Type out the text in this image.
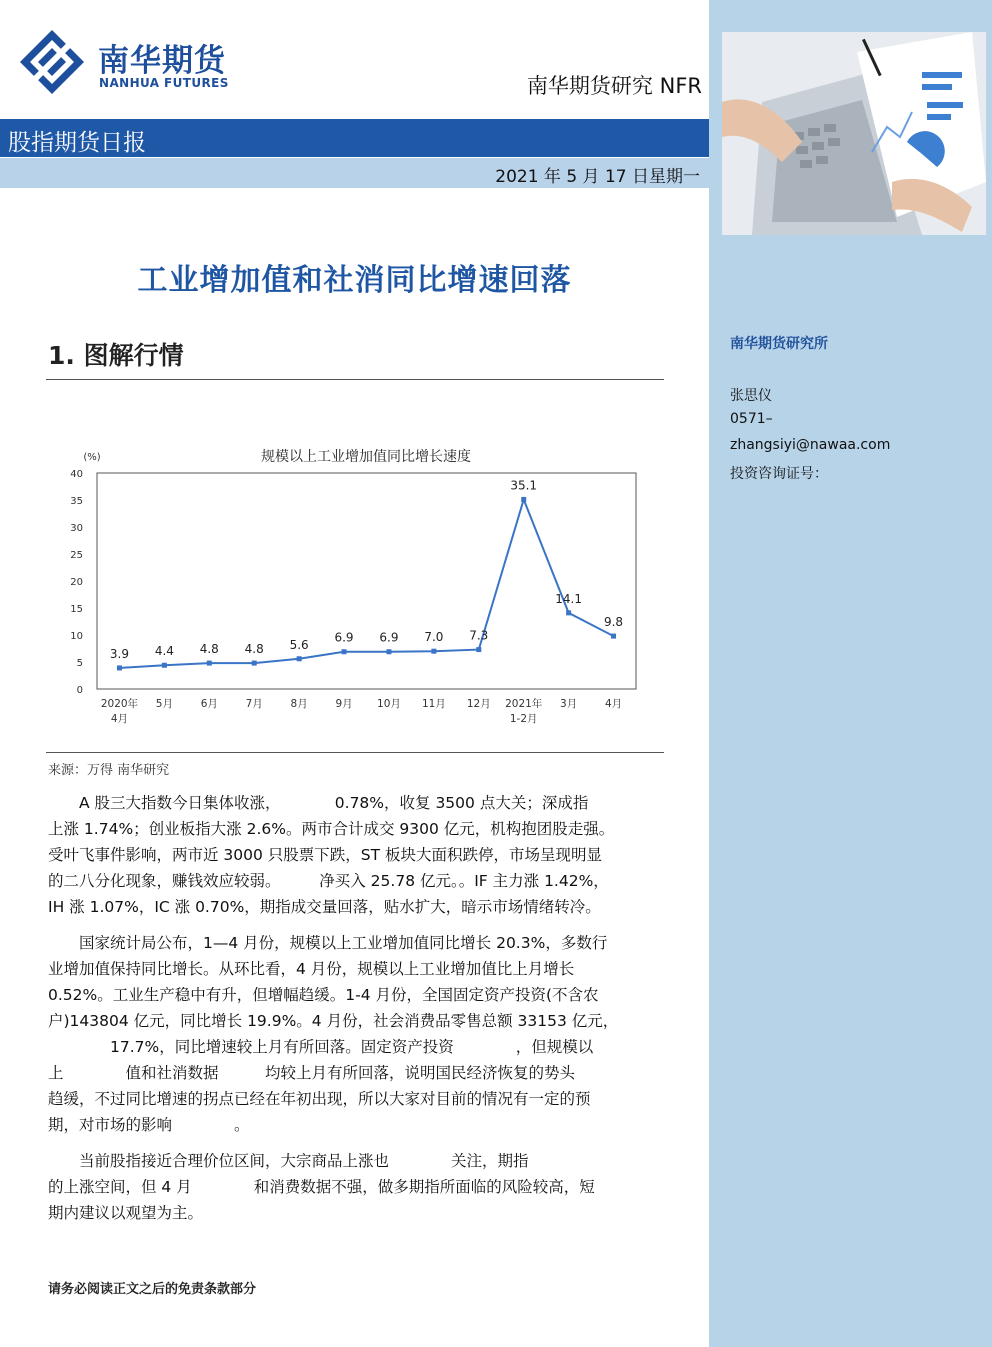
南华期货研究所
张思仪
0571–
zhangsiyi@nawaa.com
投资咨询证号：
南华期货
NANHUA FUTURES	南华期货研究 NFR
股指期货日报
2021 年 5 月 17 日星期一
工业增加值和社消同比增速回落
1. 图解行情
规模以上工业增加值同比增长速度
(%)
0
5
10
15
20
25
30
35
40
2020年 4月
5月	6月	7月	8月	9月 10月 11月 12月 2021年 1-2月
3月	4月
3.9 4.4 4.8 4.8 5.6
6.9 6.9 7.0 7.3
35.1
14.1
9.8
来源：万得 南华研究
　　A 股三大指数今日集体收涨，　　　　0.78%，收复 3500 点大关；深成指
上涨 1.74%；创业板指大涨 2.6%。两市合计成交 9300 亿元，机构抱团股走强。
受叶飞事件影响，两市近 3000 只股票下跌，ST 板块大面积跌停，市场呈现明显
的二八分化现象，赚钱效应较弱。　　　净买入 25.78 亿元。。IF 主力涨 1.42%，
IH 涨 1.07%，IC 涨 0.70%，期指成交量回落，贴水扩大，暗示市场情绪转冷。
　　国家统计局公布，1—4 月份，规模以上工业增加值同比增长 20.3%，多数行
业增加值保持同比增长。从环比看，4 月份，规模以上工业增加值比上月增长
0.52%。工业生产稳中有升，但增幅趋缓。1-4 月份，全国固定资产投资(不含农
户)143804 亿元，同比增长 19.9%。4 月份，社会消费品零售总额 33153 亿元，
　　　　17.7%，同比增速较上月有所回落。固定资产投资　　　　，但规模以
上　　　　值和社消数据　　　均较上月有所回落，说明国民经济恢复的势头
趋缓，不过同比增速的拐点已经在年初出现，所以大家对目前的情况有一定的预
期，对市场的影响　　　　。
　　当前股指接近合理价位区间，大宗商品上涨也　　　　关注，期指
的上涨空间，但 4 月　　　　和消费数据不强，做多期指所面临的风险较高，短
期内建议以观望为主。
请务必阅读正文之后的免责条款部分
